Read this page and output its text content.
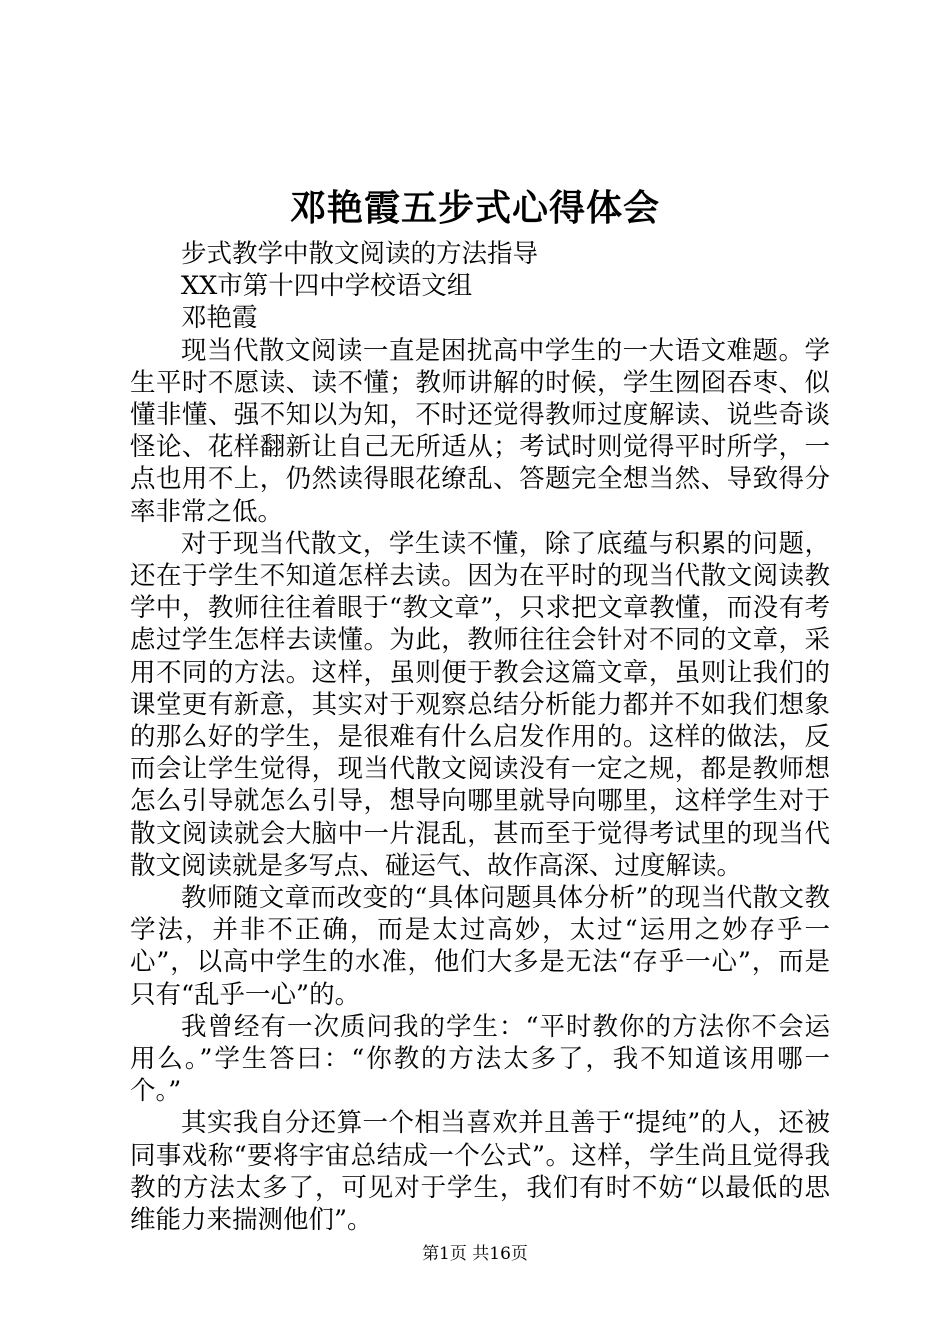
邓艳霞五步式心得体会

步式教学中散文阅读的方法指导

XX市第十四中学校语文组

邓艳霞

现当代散文阅读一直是困扰高中学生的一大语文难题。学生平时不愿读、读不懂；教师讲解的时候，学生囫囵吞枣、似懂非懂、强不知以为知，不时还觉得教师过度解读、说些奇谈怪论、花样翻新让自己无所适从；考试时则觉得平时所学，一点也用不上，仍然读得眼花缭乱、答题完全想当然、导致得分率非常之低。

对于现当代散文，学生读不懂，除了底蕴与积累的问题，还在于学生不知道怎样去读。因为在平时的现当代散文阅读教学中，教师往往着眼于“教文章”，只求把文章教懂，而没有考虑过学生怎样去读懂。为此，教师往往会针对不同的文章，采用不同的方法。这样，虽则便于教会这篇文章，虽则让我们的课堂更有新意，其实对于观察总结分析能力都并不如我们想象的那么好的学生，是很难有什么启发作用的。这样的做法，反而会让学生觉得，现当代散文阅读没有一定之规，都是教师想怎么引导就怎么引导，想导向哪里就导向哪里，这样学生对于散文阅读就会大脑中一片混乱，甚而至于觉得考试里的现当代散文阅读就是多写点、碰运气、故作高深、过度解读。

教师随文章而改变的“具体问题具体分析”的现当代散文教学法，并非不正确，而是太过高妙，太过“运用之妙存乎一心”，以高中学生的水准，他们大多是无法“存乎一心”，而是只有“乱乎一心”的。

我曾经有一次质问我的学生：“平时教你的方法你不会运用么。”学生答曰：“你教的方法太多了，我不知道该用哪一个。”

其实我自分还算一个相当喜欢并且善于“提纯”的人，还被同事戏称“要将宇宙总结成一个公式”。这样，学生尚且觉得我教的方法太多了，可见对于学生，我们有时不妨“以最低的思维能力来揣测他们”。

第1页 共16页
